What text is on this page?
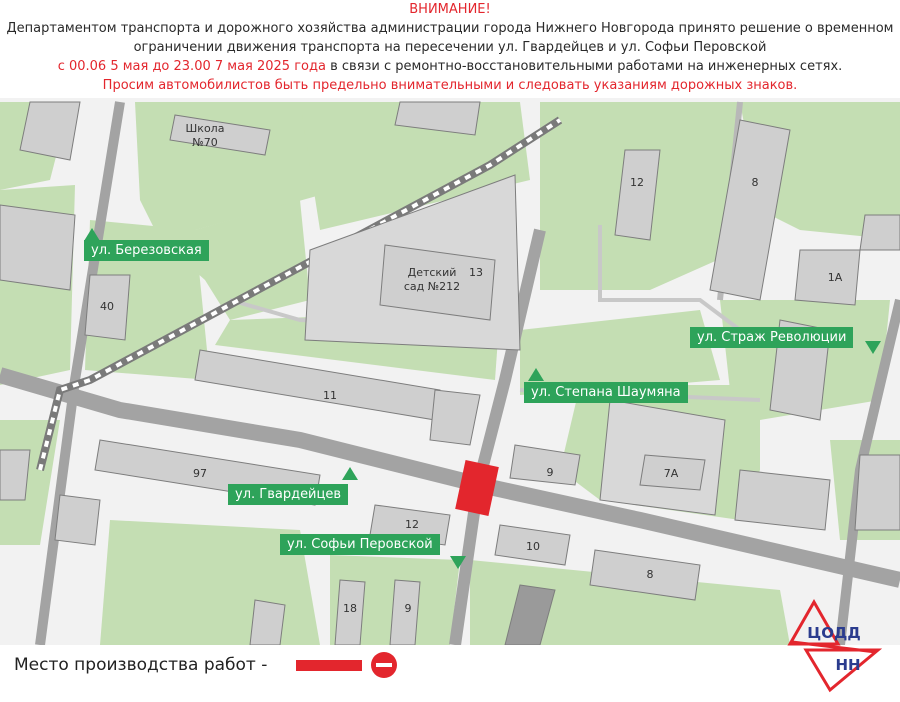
ВНИМАНИЕ!
Департаментом транспорта и дорожного хозяйства администрации города Нижнего Новгорода принято решение о временном
ограничении движения транспорта на пересечении ул. Гвардейцев и ул. Софьи Перовской
с 00.06 5 мая до 23.00 7 мая 2025 года в связи с ремонтно-восстановительными работами на инженерных сетях.
Просим автомобилистов быть предельно внимательными и следовать указаниям дорожных знаков.
Школа
№70
Детский
сад №212
13
12	8
1А
40
11
97	9	7А
12
10
8
18	9
ул. Березовская
ул. Страж Революции
ул. Степана Шаумяна
ул. Гвардейцев
ул. Софьи Перовской
Место производства работ -
ЦОДД
НН
